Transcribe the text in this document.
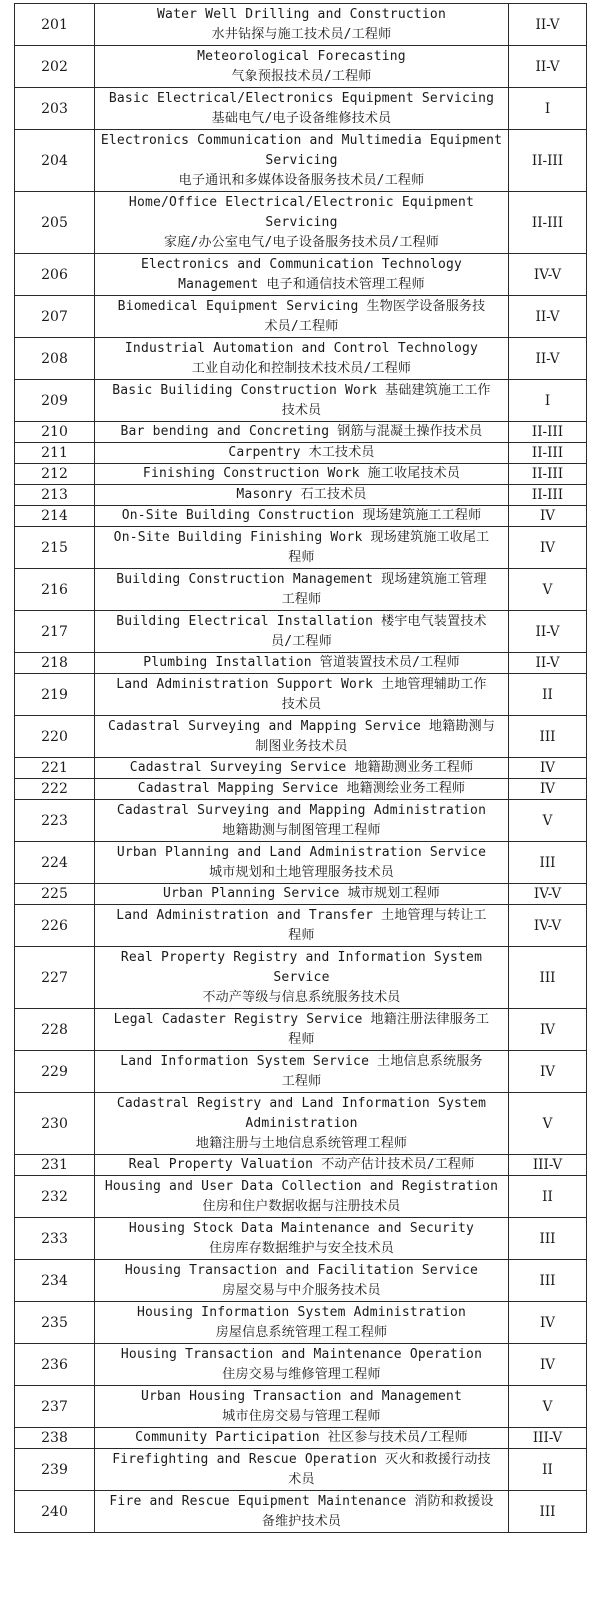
201	Water Well Drilling and Construction
水井钻探与施工技术员/工程师	II-V
202	Meteorological Forecasting
气象预报技术员/工程师	II-V
203	Basic Electrical/Electronics Equipment Servicing
基础电气/电子设备维修技术员	I
204	Electronics Communication and Multimedia Equipment
Servicing
电子通讯和多媒体设备服务技术员/工程师	II-III
205	Home/Office Electrical/Electronic Equipment
Servicing
家庭/办公室电气/电子设备服务技术员/工程师	II-III
206	Electronics and Communication Technology
Management 电子和通信技术管理工程师	IV-V
207	Biomedical Equipment Servicing 生物医学设备服务技
术员/工程师	II-V
208	Industrial Automation and Control Technology
工业自动化和控制技术技术员/工程师	II-V
209	Basic Builiding Construction Work 基础建筑施工工作
技术员	I
210	Bar bending and Concreting 钢筋与混凝土操作技术员	II-III
211	Carpentry 木工技术员	II-III
212	Finishing Construction Work 施工收尾技术员	II-III
213	Masonry 石工技术员	II-III
214	On-Site Building Construction 现场建筑施工工程师	IV
215	On-Site Building Finishing Work 现场建筑施工收尾工
程师	IV
216	Building Construction Management 现场建筑施工管理
工程师	V
217	Building Electrical Installation 楼宇电气装置技术
员/工程师	II-V
218	Plumbing Installation 管道装置技术员/工程师	II-V
219	Land Administration Support Work 土地管理辅助工作
技术员	II
220	Cadastral Surveying and Mapping Service 地籍勘测与
制图业务技术员	III
221	Cadastral Surveying Service 地籍勘测业务工程师	IV
222	Cadastral Mapping Service 地籍测绘业务工程师	IV
223	Cadastral Surveying and Mapping Administration
地籍勘测与制图管理工程师	V
224	Urban Planning and Land Administration Service
城市规划和土地管理服务技术员	III
225	Urban Planning Service 城市规划工程师	IV-V
226	Land Administration and Transfer 土地管理与转让工
程师	IV-V
227	Real Property Registry and Information System
Service
不动产等级与信息系统服务技术员	III
228	Legal Cadaster Registry Service 地籍注册法律服务工
程师	IV
229	Land Information System Service 土地信息系统服务
工程师	IV
230	Cadastral Registry and Land Information System
Administration
地籍注册与土地信息系统管理工程师	V
231	Real Property Valuation 不动产估计技术员/工程师	III-V
232	Housing and User Data Collection and Registration
住房和住户数据收据与注册技术员	II
233	Housing Stock Data Maintenance and Security
住房库存数据维护与安全技术员	III
234	Housing Transaction and Facilitation Service
房屋交易与中介服务技术员	III
235	Housing Information System Administration
房屋信息系统管理工程工程师	IV
236	Housing Transaction and Maintenance Operation
住房交易与维修管理工程师	IV
237	Urban Housing Transaction and Management
城市住房交易与管理工程师	V
238	Community Participation 社区参与技术员/工程师	III-V
239	Firefighting and Rescue Operation 灭火和救援行动技
术员	II
240	Fire and Rescue Equipment Maintenance 消防和救援设
备维护技术员	III
